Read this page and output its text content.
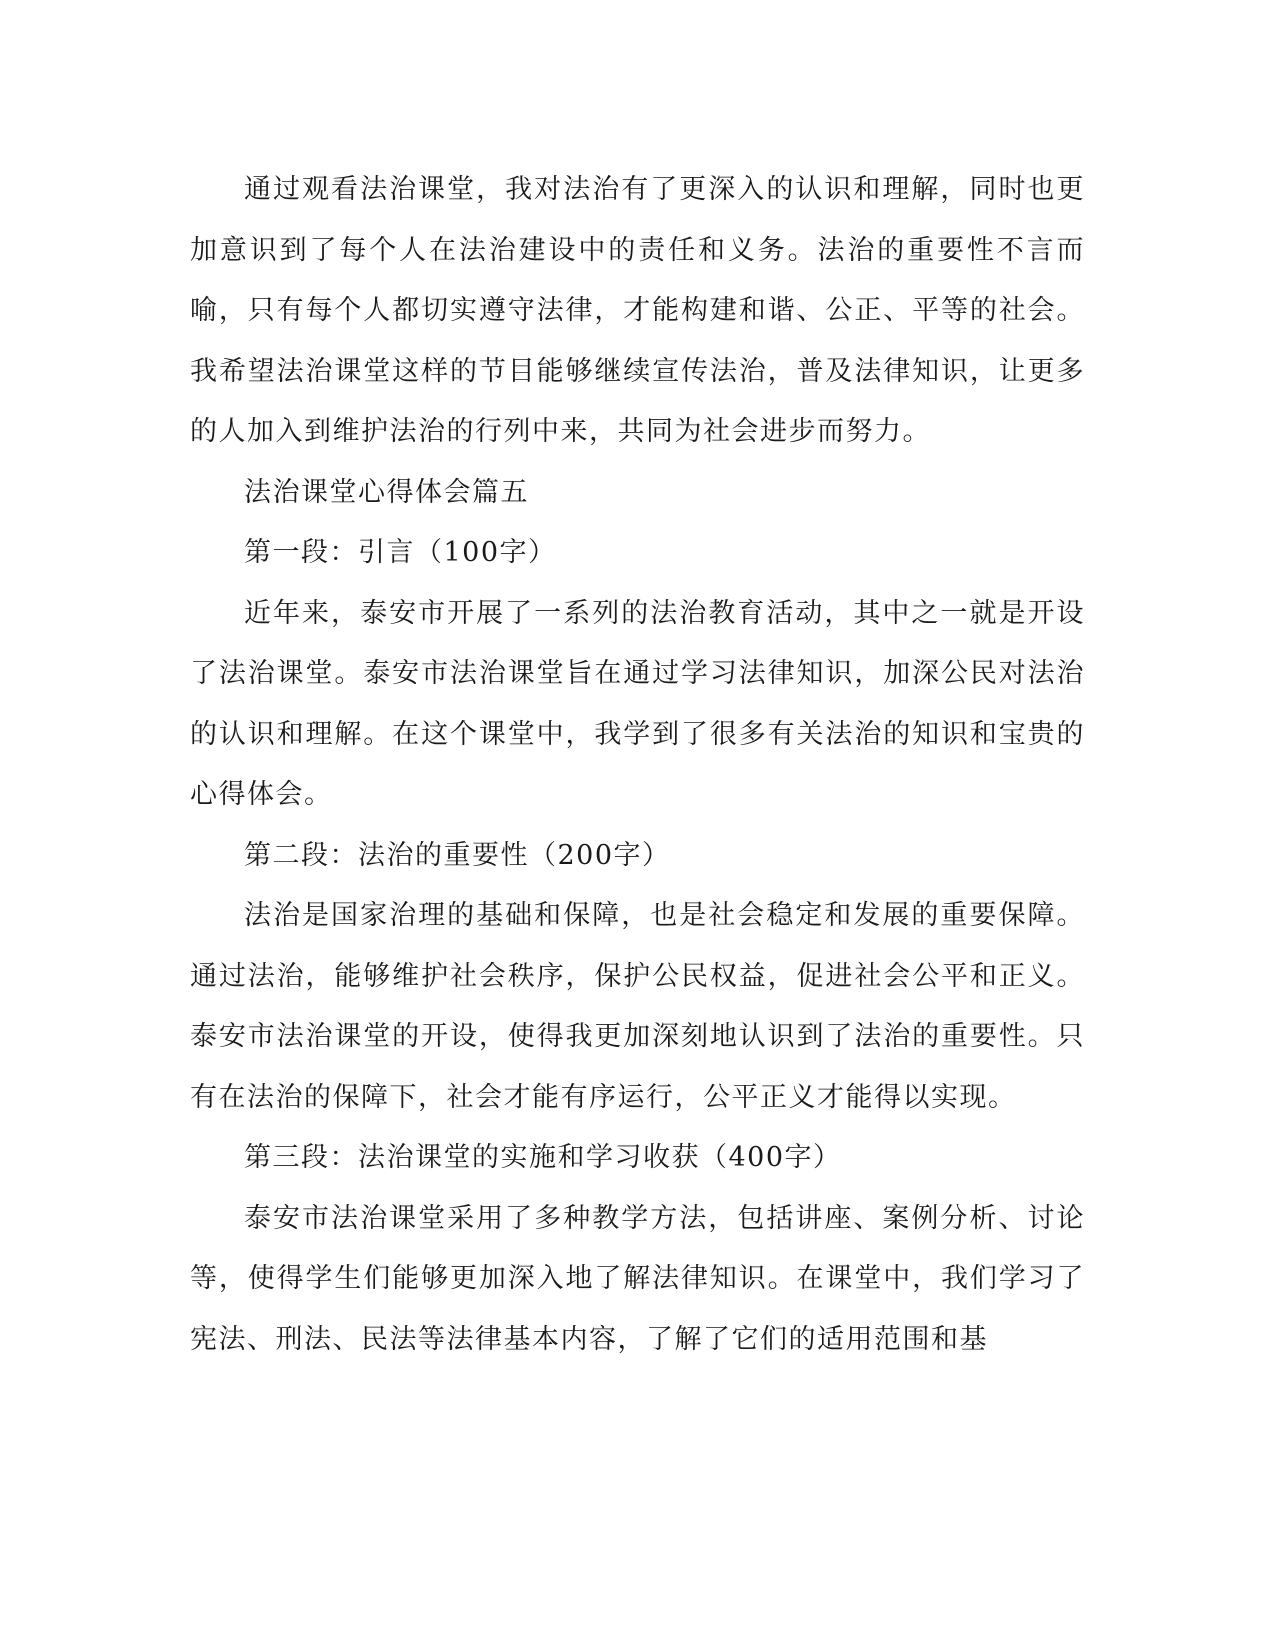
通过观看法治课堂，我对法治有了更深入的认识和理解，同时也更加意识到了每个人在法治建设中的责任和义务。法治的重要性不言而喻，只有每个人都切实遵守法律，才能构建和谐、公正、平等的社会。我希望法治课堂这样的节目能够继续宣传法治，普及法律知识，让更多的人加入到维护法治的行列中来，共同为社会进步而努力。

法治课堂心得体会篇五

第一段：引言（100字）

近年来，泰安市开展了一系列的法治教育活动，其中之一就是开设了法治课堂。泰安市法治课堂旨在通过学习法律知识，加深公民对法治的认识和理解。在这个课堂中，我学到了很多有关法治的知识和宝贵的心得体会。

第二段：法治的重要性（200字）

法治是国家治理的基础和保障，也是社会稳定和发展的重要保障。通过法治，能够维护社会秩序，保护公民权益，促进社会公平和正义。泰安市法治课堂的开设，使得我更加深刻地认识到了法治的重要性。只有在法治的保障下，社会才能有序运行，公平正义才能得以实现。

第三段：法治课堂的实施和学习收获（400字）

泰安市法治课堂采用了多种教学方法，包括讲座、案例分析、讨论等，使得学生们能够更加深入地了解法律知识。在课堂中，我们学习了宪法、刑法、民法等法律基本内容，了解了它们的适用范围和基
